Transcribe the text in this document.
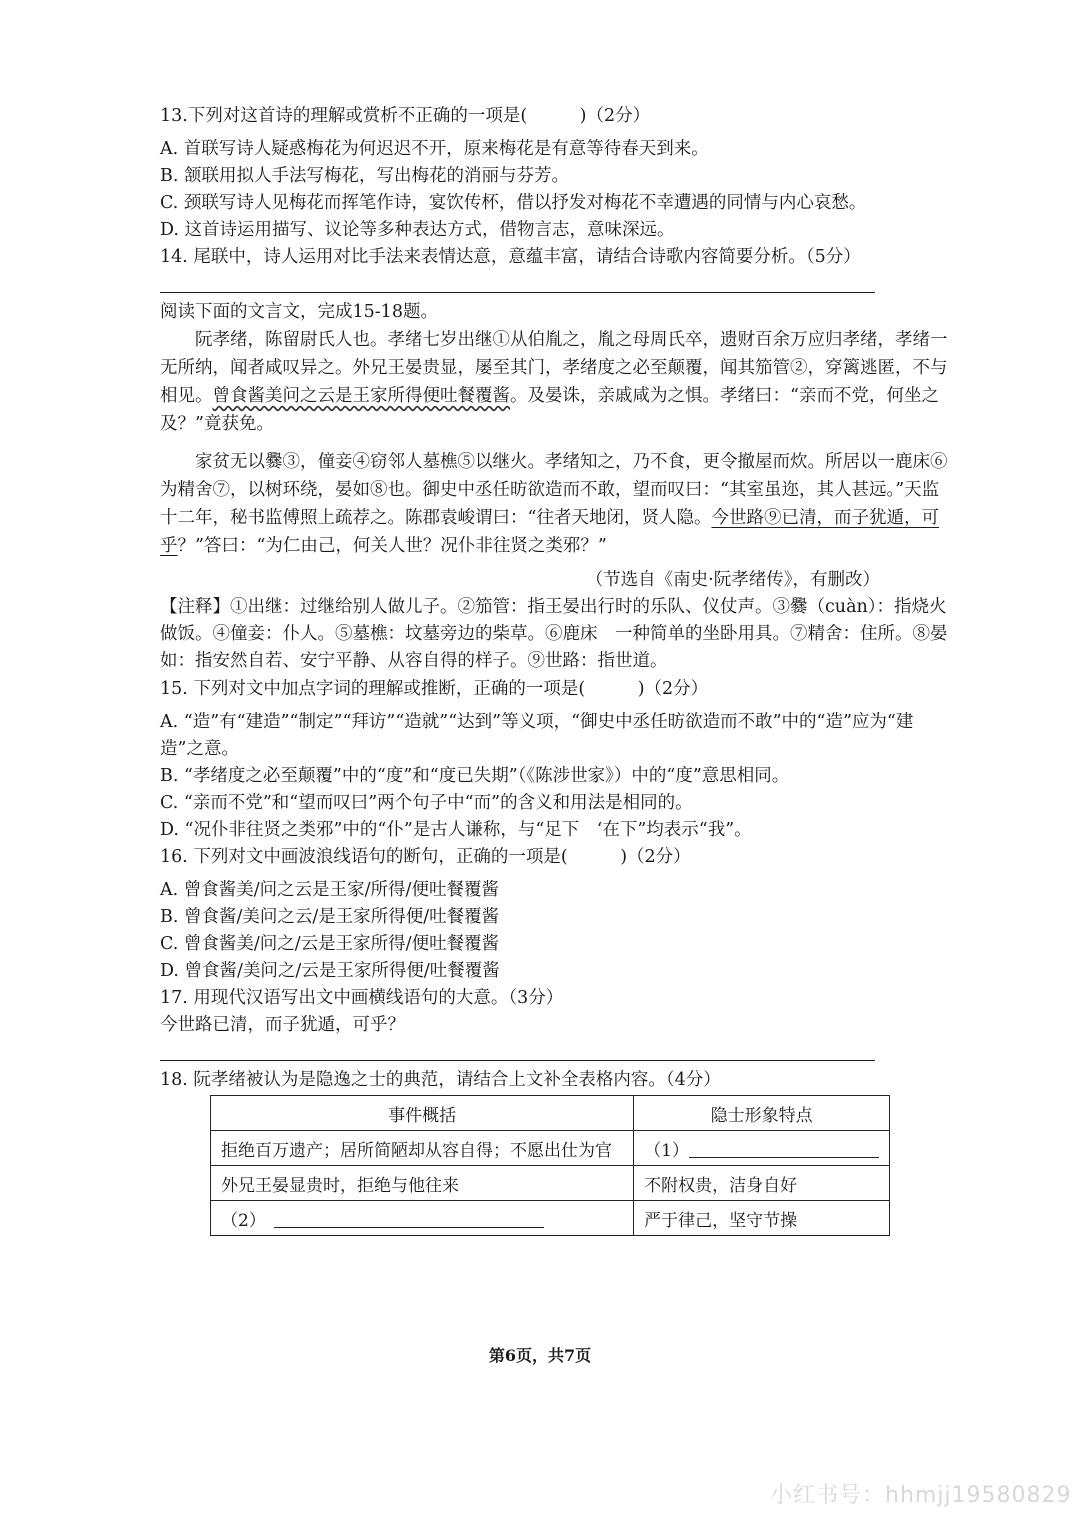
13.下列对这首诗的理解或赏析不正确的一项是(　　　)（2分）
A. 首联写诗人疑惑梅花为何迟迟不开，原来梅花是有意等待春天到来。
B. 颔联用拟人手法写梅花，写出梅花的消丽与芬芳。
C. 颈联写诗人见梅花而挥笔作诗，宴饮传杯，借以抒发对梅花不幸遭遇的同情与内心哀愁。
D. 这首诗运用描写、议论等多种表达方式，借物言志，意味深远。
14. 尾联中，诗人运用对比手法来表情达意，意蕴丰富，请结合诗歌内容简要分析。（5分）
阅读下面的文言文，完成15-18题。
阮孝绪，陈留尉氏人也。孝绪七岁出继①从伯胤之，胤之母周氏卒，遗财百余万应归孝绪，孝绪一无所纳，闻者咸叹异之。外兄王晏贵显，屡至其门，孝绪度之必至颠覆，闻其笳管②，穿篱逃匿，不与相见。曾食酱美问之云是王家所得便吐餐覆酱。及晏诛，亲戚咸为之惧。孝绪曰：“亲而不党，何坐之及？”竟获免。
家贫无以爨③，僮妾④窃邻人墓樵⑤以继火。孝绪知之，乃不食，更令撤屋而炊。所居以一鹿床⑥为精舍⑦，以树环绕，晏如⑧也。御史中丞任昉欲造而不敢，望而叹曰：“其室虽迩，其人甚远。”天监十二年，秘书监傅照上疏荐之。陈郡袁峻谓曰：“往者天地闭，贤人隐。今世路⑨已清，而子犹遁，可乎？”答曰：“为仁由己，何关人世？况仆非往贤之类邪？”
（节选自《南史·阮孝绪传》，有删改）
【注释】①出继：过继给别人做儿子。②笳管：指王晏出行时的乐队、仪仗声。③爨（cuàn）：指烧火做饭。④僮妾：仆人。⑤墓樵：坟墓旁边的柴草。⑥鹿床　一种简单的坐卧用具。⑦精舍：住所。⑧晏如：指安然自若、安宁平静、从容自得的样子。⑨世路：指世道。
15. 下列对文中加点字词的理解或推断，正确的一项是(　　　)（2分）
A. “造”有“建造”“制定”“拜访”“造就”“达到”等义项，“御史中丞任昉欲造而不敢”中的“造”应为“建造”之意。
B. “孝绪度之必至颠覆”中的“度”和“度已失期”（《陈涉世家》）中的“度”意思相同。
C. “亲而不党”和“望而叹曰”两个句子中“而”的含义和用法是相同的。
D. “况仆非往贤之类邪”中的“仆”是古人谦称，与“足下　‘在下”均表示“我”。
16. 下列对文中画波浪线语句的断句，正确的一项是(　　　)（2分）
A. 曾食酱美/问之云是王家/所得/便吐餐覆酱
B. 曾食酱/美问之云/是王家所得便/吐餐覆酱
C. 曾食酱美/问之/云是王家所得/便吐餐覆酱
D. 曾食酱/美问之/云是王家所得便/吐餐覆酱
17. 用现代汉语写出文中画横线语句的大意。（3分）
今世路已清，而子犹遁，可乎？
18. 阮孝绪被认为是隐逸之士的典范，请结合上文补全表格内容。（4分）
事件概括	隐士形象特点
拒绝百万遗产；居所简陋却从容自得；不愿出仕为官	（1）
外兄王晏显贵时，拒绝与他往来	不附权贵，洁身自好
（2）	严于律己，坚守节操
第6页，共7页
小红书号：hhmjj19580829
